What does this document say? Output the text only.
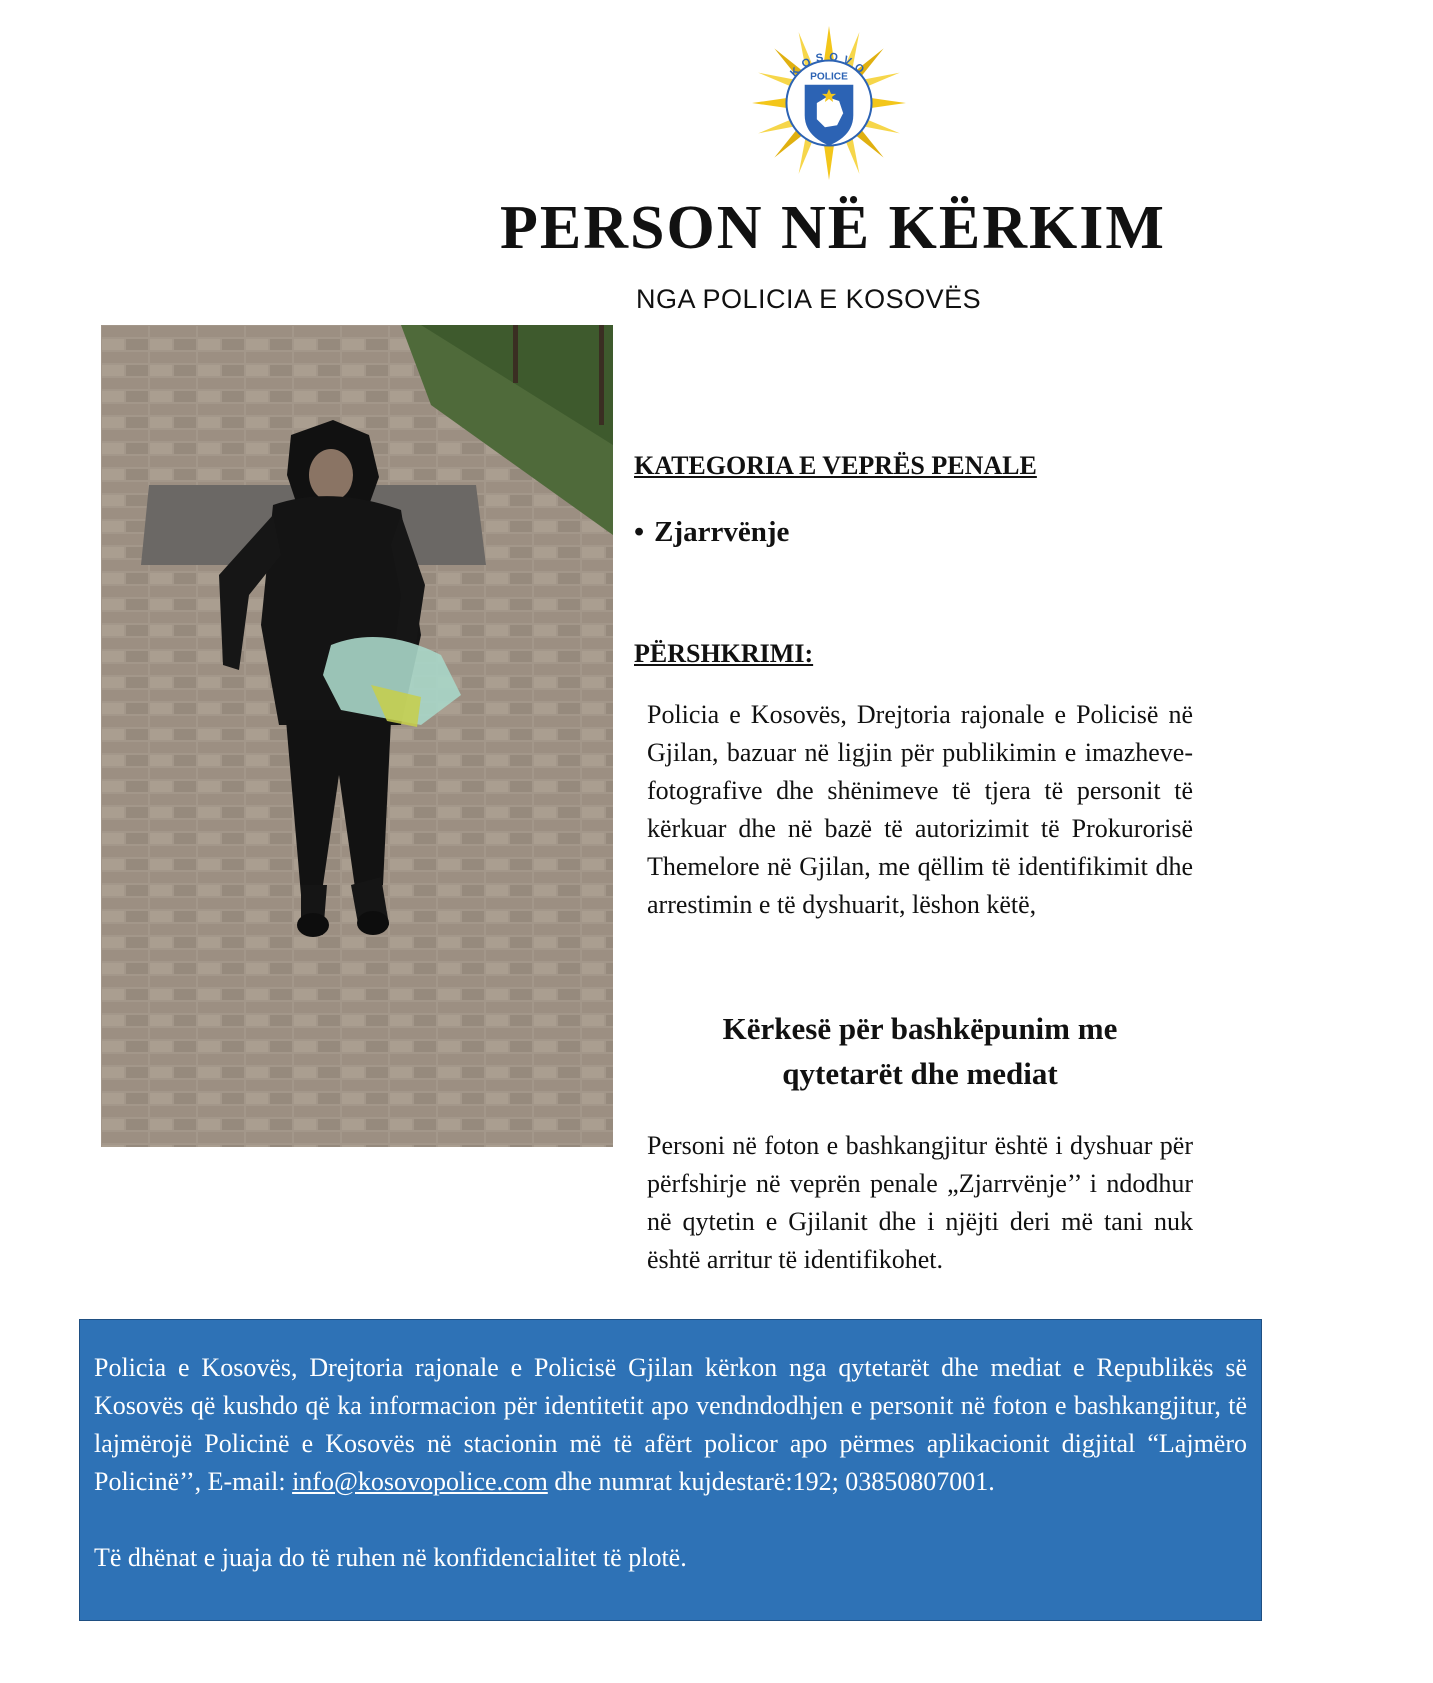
KOSOVO
POLICE
PERSON NË KËRKIM

NGA POLICIA E KOSOVËS

KATEGORIA E VEPRËS PENALE

• Zjarrvënje

PËRSHKRIMI:

Policia e Kosovës, Drejtoria rajonale e Policisë në Gjilan, bazuar në ligjin për publikimin e imazheve-fotografive dhe shënimeve të tjera të personit të kërkuar dhe në bazë të autorizimit të Prokurorisë Themelore në Gjilan, me qëllim të identifikimit dhe arrestimin e të dyshuarit, lëshon këtë,

Kërkesë për bashkëpunim me
qytetarët dhe mediat

Personi në foton e bashkangjitur është i dyshuar për përfshirje në veprën penale „Zjarrvënje’’ i ndodhur në qytetin e Gjilanit dhe i njëjti deri më tani nuk është arritur të identifikohet.

Policia e Kosovës, Drejtoria rajonale e Policisë Gjilan kërkon nga qytetarët dhe mediat e Republikës së Kosovës që kushdo që ka informacion për identitetit apo vendndodhjen e personit në foton e bashkangjitur, të lajmërojë Policinë e Kosovës në stacionin më të afërt policor apo përmes aplikacionit digjital “Lajmëro Policinë’’, E-mail: info@kosovopolice.com dhe numrat kujdestarë:192; 03850807001.

Të dhënat e juaja do të ruhen në konfidencialitet të plotë.
